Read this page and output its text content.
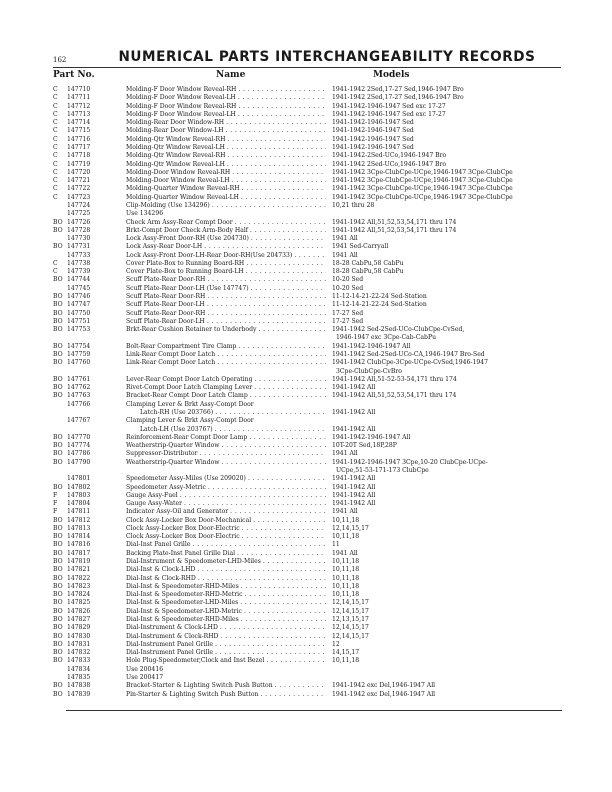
162	NUMERICAL PARTS INTERCHANGEABILITY RECORDS
Part No.	Name	Models
C 147710	Molding-F Door Window Reveal-RH . . .	1941-1942 2Sed,17-27 Sed,1946-1947 Bro
C 147711	Molding-F Door Window Reveal-LH . . .	1941-1942 2Sed,17-27 Sed,1946-1947 Bro
C 147712	Molding-F Door Window Reveal-RH . . .	1941-1942-1946-1947 Sed exc 17-27
C 147713	Molding-F Door Window Reveal-LH . . .	1941-1942-1946-1947 Sed exc 17-27
C 147714	Molding-Rear Door Window-RH . . .	1941-1942-1946-1947 Sed
C 147715	Molding-Rear Door Window-LH . . .	1941-1942-1946-1947 Sed
C 147716	Molding-Qtr Window Reveal-RH . . .	1941-1942-1946-1947 Sed
C 147717	Molding-Qtr Window Reveal-LH . . .	1941-1942-1946-1947 Sed
C 147718	Molding-Qtr Window Reveal-RH . . .	1941-1942-2Sed-UCo,1946-1947 Bro
C 147719	Molding-Qtr Window Reveal-LH . . .	1941-1942 2Sed-UCo,1946-1947 Bro
C 147720	Molding-Door Window Reveal-RH . . .	1941-1942 3Cpe-ClubCpe-UCpe,1946-1947 3Cpe-ClubCpe
C 147721	Molding-Door Window Reveal-LH . . .	1941-1942 3Cpe-ClubCpe-UCpe,1946-1947 3Cpe-ClubCpe
C 147722	Molding-Quarter Window Reveal-RH . . .	1941-1942 3Cpe-ClubCpe-UCpe,1946-1947 3Cpe-ClubCpe
C 147723	Molding-Quarter Window Reveal-LH . . .	1941-1942 3Cpe-ClubCpe-UCpe,1946-1947 3Cpe-ClubCpe
147724	Clip-Molding (Use 134296) . . .	10,21 thru 28
147725	Use 134296
BO 147726	Check Arm Assy-Rear Compt Door . . .	1941-1942 All,51,52,53,54,171 thru 174
BO 147728	Brkt-Compt Door Check Arm-Body Half . . .	1941-1942 All,51,52,53,54,171 thru 174
147730	Lock Assy-Front Door-RH (Use 204730) . . .	1941 All
BO 147731	Lock Assy-Rear Door-LH . . .	1941 Sed-Carryall
147733	Lock Assy-Front Door-LH-Rear Door-RH(Use 204733) . . .	1941 All
C 147738	Cover Plate-Box to Running Board-RH . . .	18-28 CabPu,58 CabPu
C 147739	Cover Plate-Box to Running Board-LH . . .	18-28 CabPu,58 CabPu
BO 147744	Scuff Plate-Rear Door-RH . . .	10-20 Sed
147745	Scuff Plate-Rear Door-LH (Use 147747) . . .	10-20 Sed
BO 147746	Scuff Plate-Rear Door-RH . . .	11-12-14-21-22-24 Sed-Station
BO 147747	Scuff Plate-Rear Door-LH . . .	11-12-14-21-22-24 Sed-Station
BO 147750	Scuff Plate-Rear Door-RH . . .	17-27 Sed
BO 147751	Scuff Plate-Rear Door-LH . . .	17-27 Sed
BO 147753	Brkt-Rear Cushion Retainer to Underbody . . .	1941-1942 Sed-2Sed-UCo-ClubCpe-CvSed,
1946-1947 exc 3Cpe-Cab-CabPu
BO 147754	Bolt-Rear Compartment Tire Clamp . . .	1941-1942-1946-1947 All
BO 147759	Link-Rear Compt Door Latch . . .	1941-1942 Sed-2Sed-UCo-CA,1946-1947 Bro-Sed
BO 147760	Link-Rear Compt Door Latch . . .	1941-1942 ClubCpe-3Cpe-UCpe-CvSed,1946-1947
3Cpe-ClubCpe-CvBro
BO 147761	Lever-Rear Compt Door Latch Operating . . .	1941-1942 All,51-52-53-54,171 thru 174
BO 147762	Rivet-Compt Door Latch Clamping Lever . . .	1941-1942 All
BO 147763	Bracket-Rear Compt Door Latch Clamp . . .	1941-1942 All,51,52,53,54,171 thru 174
147766	Clamping Lever & Brkt Assy-Compt Door
Latch-RH (Use 203766) . . .	1941-1942 All
147767	Clamping Lever & Brkt Assy-Compt Door
Latch-LH (Use 203767) . . .	1941-1942 All
BO 147770	Reinforcement-Rear Compt Door Lamp . . .	1941-1942-1946-1947 All
BO 147774	Weatherstrip-Quarter Window . . .	10T-20T Sed,18P,28P
BO 147786	Suppressor-Distributor . . .	1941 All
BO 147790	Weatherstrip-Quarter Window . . .	1941-1942-1946-1947 3Cpe,10-20 ClubCpe-UCpe-
UCpe,51-53-171-173 ClubCpe
147801	Speedometer Assy-Miles (Use 209020) . . .	1941-1942 All
BO 147802	Speedometer Assy-Metric . . .	1941-1942 All
F 147803	Gauge Assy-Fuel . . .	1941-1942 All
F 147804	Gauge Assy-Water . . .	1941-1942 All
F 147811	Indicator Assy-Oil and Generator . . .	1941 All
BO 147812	Clock Assy-Locker Box Door-Mechanical . . .	10,11,18
BO 147813	Clock Assy-Locker Box Door-Electric . . .	12,14,15,17
BO 147814	Clock Assy-Locker Box Door-Electric . . .	10,11,18
BO 147816	Dial-Inst Panel Grille . . .	11
BO 147817	Backing Plate-Inst Panel Grille Dial . . .	1941 All
BO 147819	Dial-Instrument & Speedometer-LHD-Miles . . .	10,11,18
BO 147821	Dial-Inst & Clock-LHD . . .	10,11,18
BO 147822	Dial-Inst & Clock-RHD . . .	10,11,18
BO 147823	Dial-Inst & Speedometer-RHD-Miles . . .	10,11,18
BO 147824	Dial-Inst & Speedometer-RHD-Metric . . .	10,11,18
BO 147825	Dial-Inst & Speedometer-LHD-Miles . . .	12,14,15,17
BO 147826	Dial-Inst & Speedometer-LHD-Metric . . .	12,14,15,17
BO 147827	Dial-Inst & Speedometer-RHD-Miles . . .	12,13,15,17
BO 147829	Dial-Instrument & Clock-LHD . . .	12,14,15,17
BO 147830	Dial-Instrument & Clock-RHD . . .	12,14,15,17
BO 147831	Dial-Instrument Panel Grille . . .	12
BO 147832	Dial-Instrument Panel Grille . . .	14,15,17
BO 147833	Hole Plug-Speedometer,Clock and Inst Bezel . . .	10,11,18
147834	Use 200416
147835	Use 200417
BO 147838	Bracket-Starter & Lighting Switch Push Button . . .	1941-1942 exc Del,1946-1947 All
BO 147839	Pin-Starter & Lighting Switch Push Button . . .	1941-1942 exc Del,1946-1947 All
